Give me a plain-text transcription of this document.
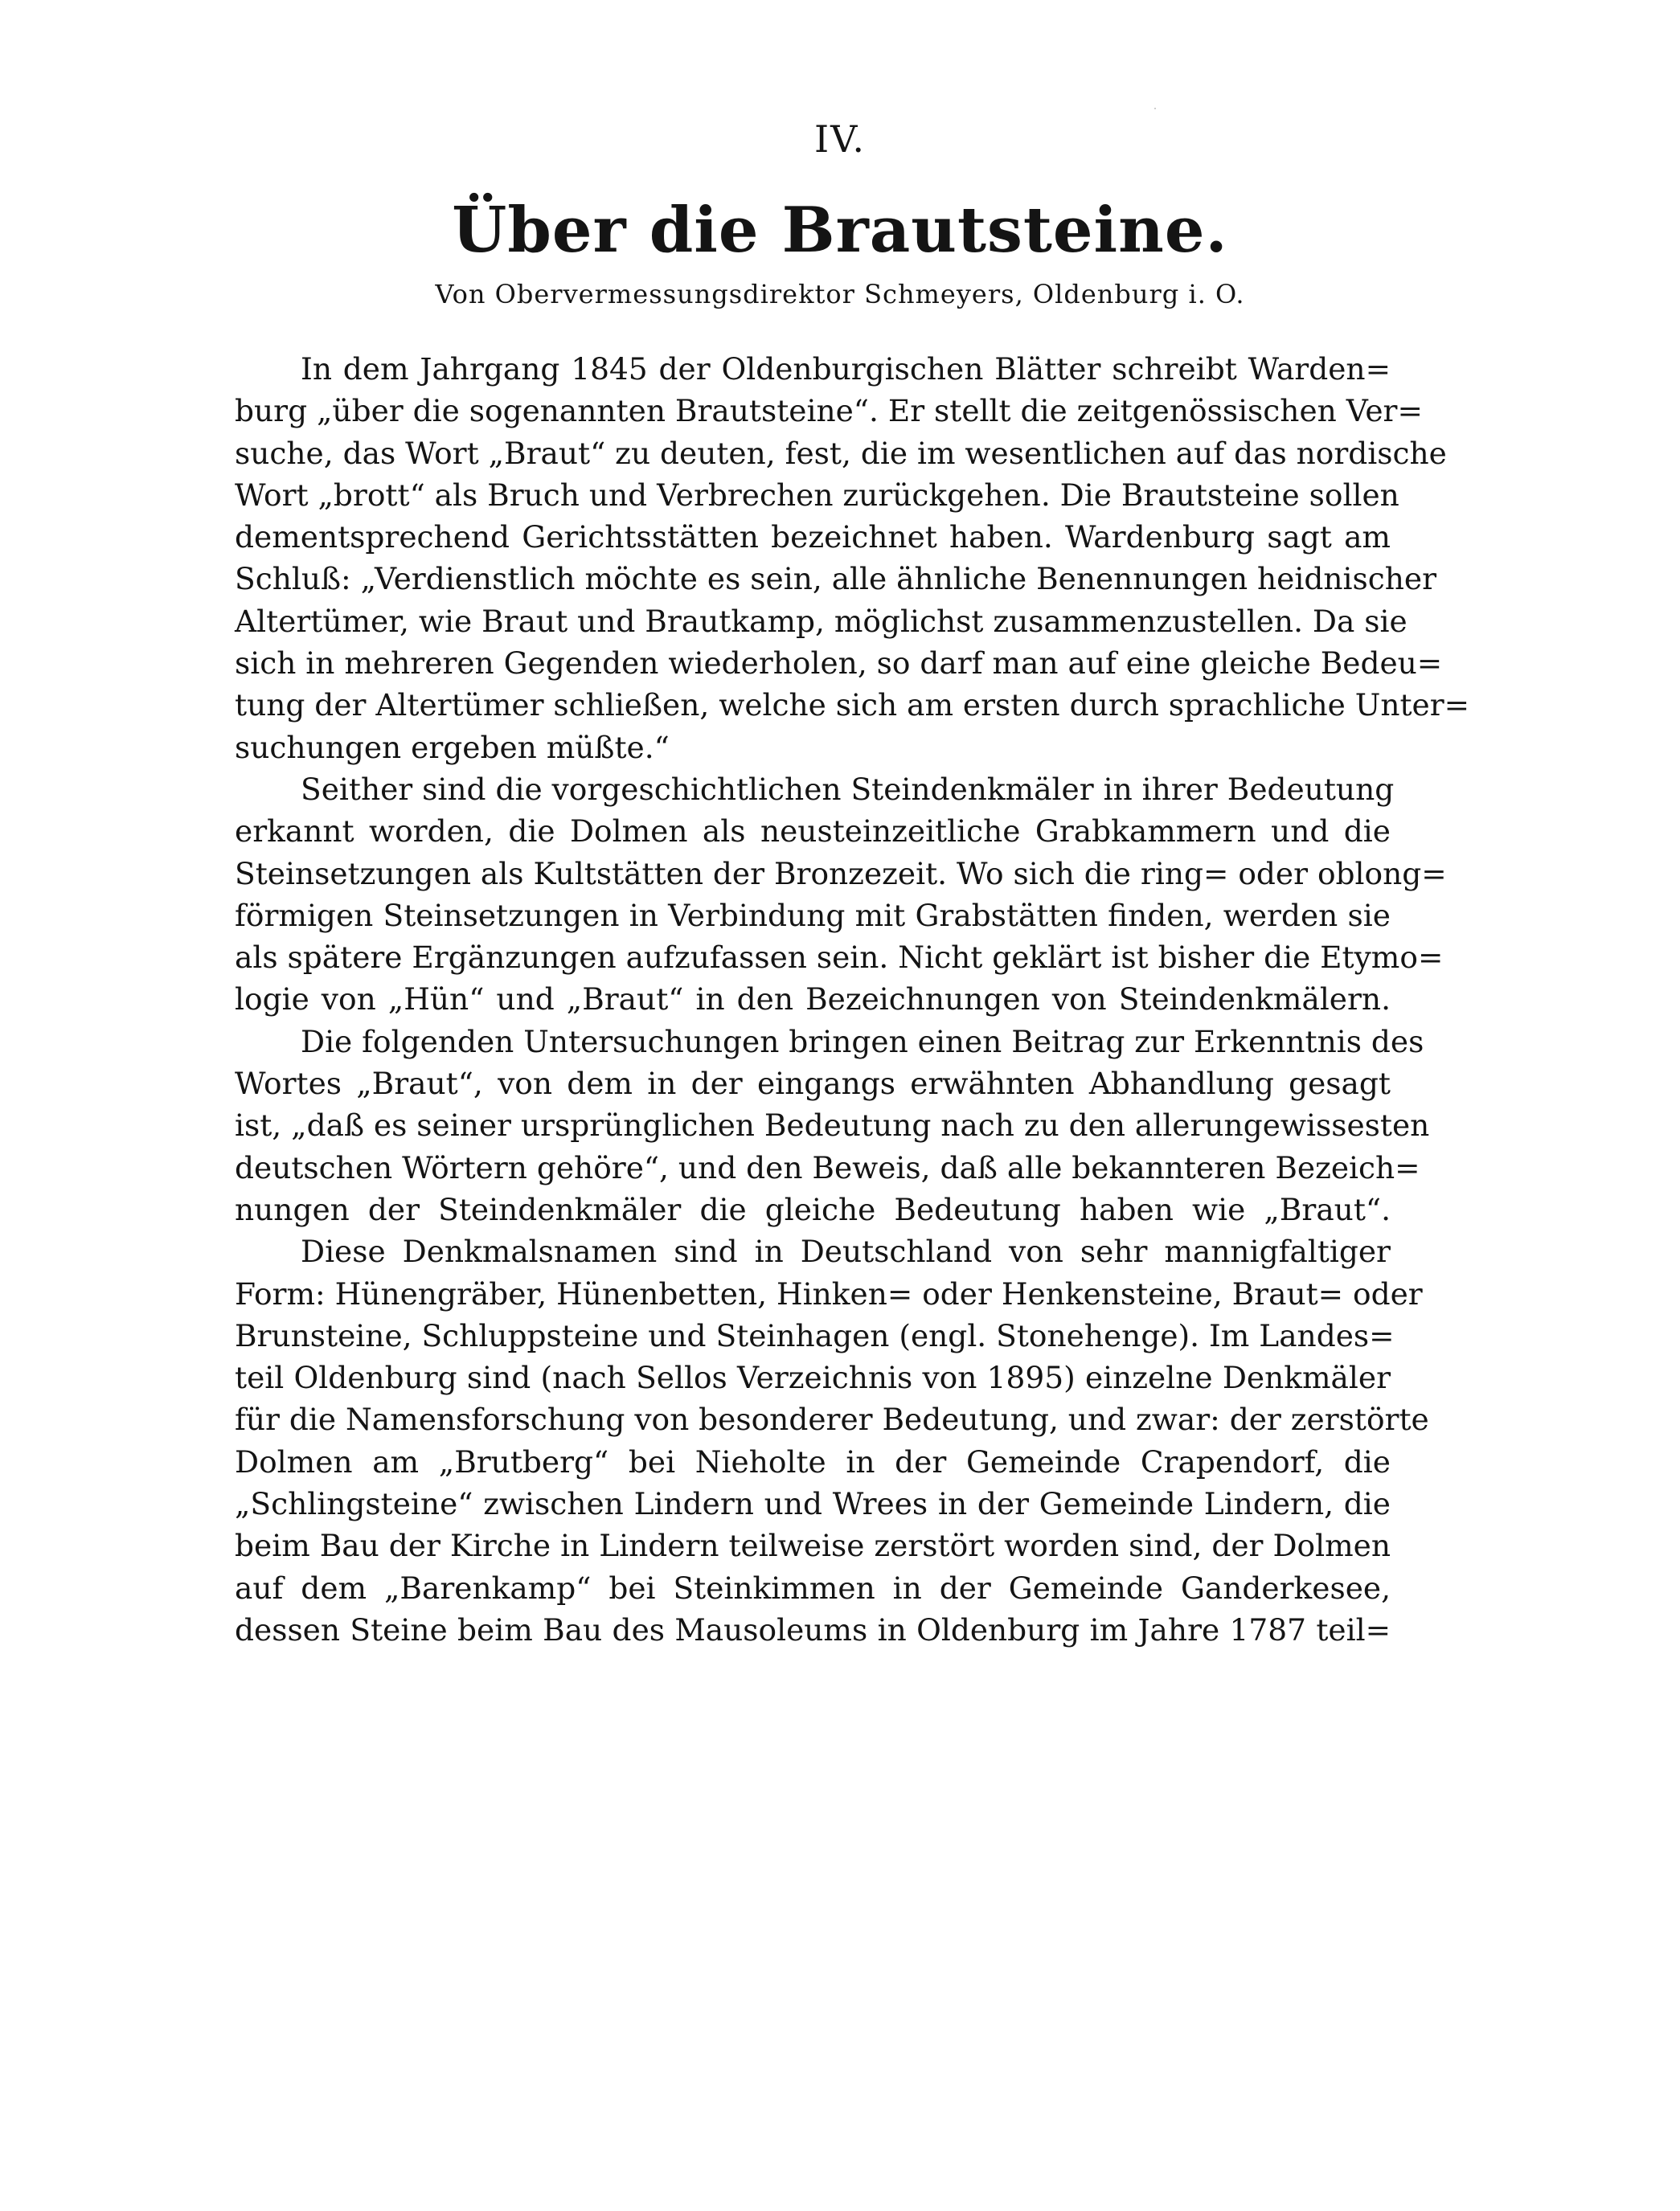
IV.
Über die Brautsteine.
Von Obervermessungsdirektor Schmeyers, Oldenburg i. O.
In dem Jahrgang 1845 der Oldenburgischen Blätter schreibt Warden=
burg „über die sogenannten Brautsteine“. Er stellt die zeitgenössischen Ver=
suche, das Wort „Braut“ zu deuten, fest, die im wesentlichen auf das nordische
Wort „brott“ als Bruch und Verbrechen zurückgehen. Die Brautsteine sollen
dementsprechend Gerichtsstätten bezeichnet haben. Wardenburg sagt am
Schluß: „Verdienstlich möchte es sein, alle ähnliche Benennungen heidnischer
Altertümer, wie Braut und Brautkamp, möglichst zusammenzustellen. Da sie
sich in mehreren Gegenden wiederholen, so darf man auf eine gleiche Bedeu=
tung der Altertümer schließen, welche sich am ersten durch sprachliche Unter=
suchungen ergeben müßte.“
Seither sind die vorgeschichtlichen Steindenkmäler in ihrer Bedeutung
erkannt worden, die Dolmen als neusteinzeitliche Grabkammern und die
Steinsetzungen als Kultstätten der Bronzezeit. Wo sich die ring= oder oblong=
förmigen Steinsetzungen in Verbindung mit Grabstätten finden, werden sie
als spätere Ergänzungen aufzufassen sein. Nicht geklärt ist bisher die Etymo=
logie von „Hün“ und „Braut“ in den Bezeichnungen von Steindenkmälern.
Die folgenden Untersuchungen bringen einen Beitrag zur Erkenntnis des
Wortes „Braut“, von dem in der eingangs erwähnten Abhandlung gesagt
ist, „daß es seiner ursprünglichen Bedeutung nach zu den allerungewissesten
deutschen Wörtern gehöre“, und den Beweis, daß alle bekannteren Bezeich=
nungen der Steindenkmäler die gleiche Bedeutung haben wie „Braut“.
Diese Denkmalsnamen sind in Deutschland von sehr mannigfaltiger
Form: Hünengräber, Hünenbetten, Hinken= oder Henkensteine, Braut= oder
Brunsteine, Schluppsteine und Steinhagen (engl. Stonehenge). Im Landes=
teil Oldenburg sind (nach Sellos Verzeichnis von 1895) einzelne Denkmäler
für die Namensforschung von besonderer Bedeutung, und zwar: der zerstörte
Dolmen am „Brutberg“ bei Nieholte in der Gemeinde Crapendorf, die
„Schlingsteine“ zwischen Lindern und Wrees in der Gemeinde Lindern, die
beim Bau der Kirche in Lindern teilweise zerstört worden sind, der Dolmen
auf dem „Barenkamp“ bei Steinkimmen in der Gemeinde Ganderkesee,
dessen Steine beim Bau des Mausoleums in Oldenburg im Jahre 1787 teil=
